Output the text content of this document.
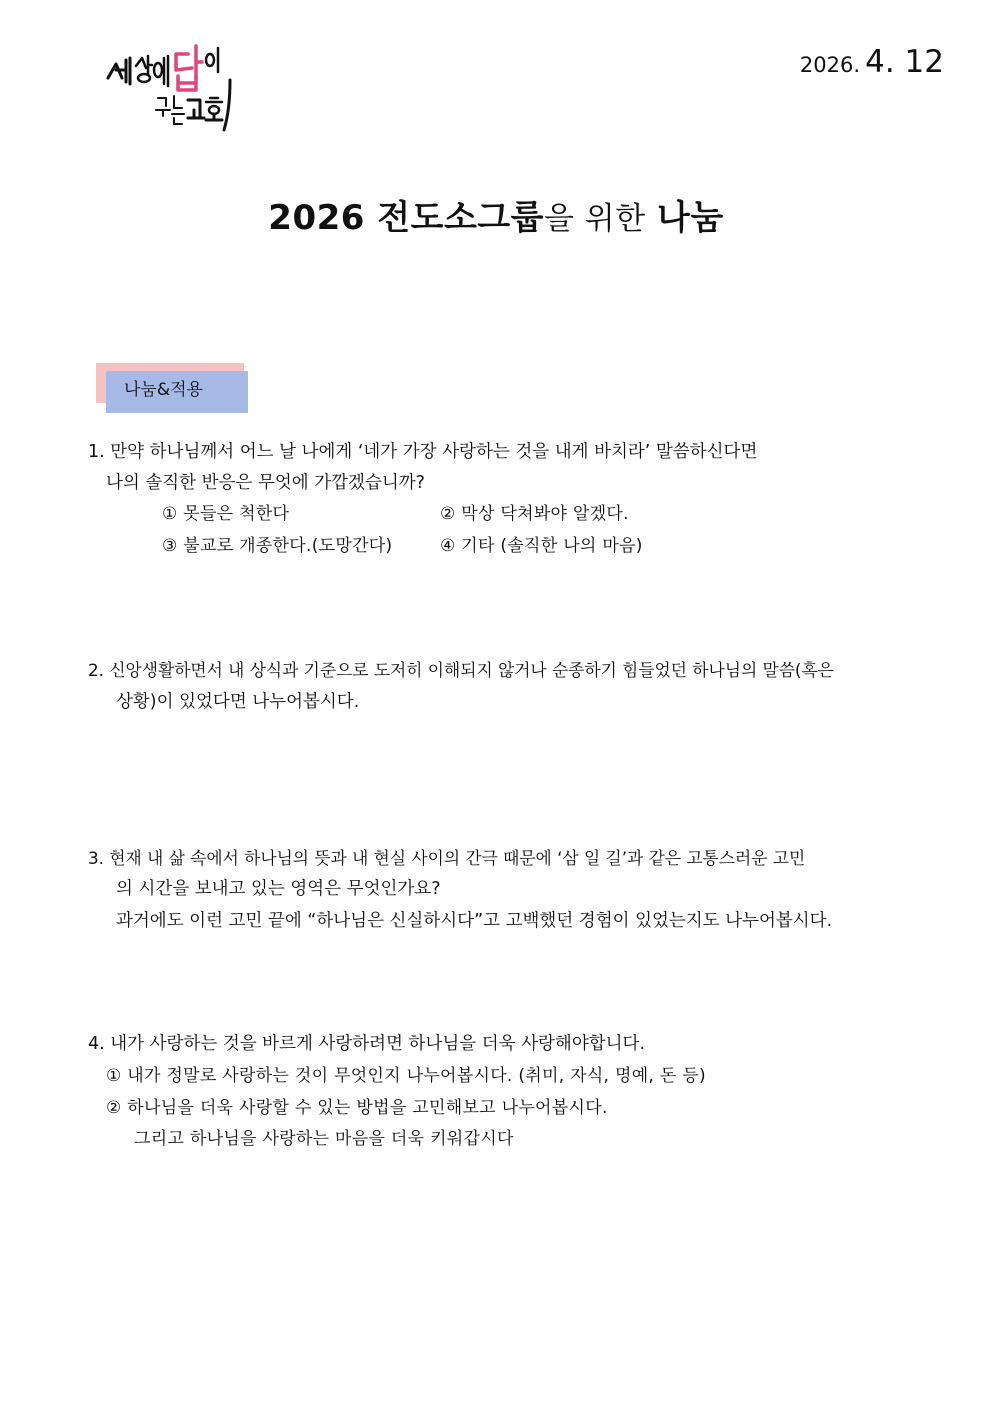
2026. 4. 12
2026 전도소그룹을 위한 나눔
나눔&적용
1. 만약 하나님께서 어느 날 나에게 ‘네가 가장 사랑하는 것을 내게 바치라’ 말씀하신다면
나의 솔직한 반응은 무엇에 가깝겠습니까?
① 못들은 척한다	② 막상 닥쳐봐야 알겠다.
③ 불교로 개종한다.(도망간다)	④ 기타 (솔직한 나의 마음)
2. 신앙생활하면서 내 상식과 기준으로 도저히 이해되지 않거나 순종하기 힘들었던 하나님의 말씀(혹은
상황)이 있었다면 나누어봅시다.
3. 현재 내 삶 속에서 하나님의 뜻과 내 현실 사이의 간극 때문에 ‘삼 일 길’과 같은 고통스러운 고민
의 시간을 보내고 있는 영역은 무엇인가요?
과거에도 이런 고민 끝에 “하나님은 신실하시다”고 고백했던 경험이 있었는지도 나누어봅시다.
4. 내가 사랑하는 것을 바르게 사랑하려면 하나님을 더욱 사랑해야합니다.
① 내가 정말로 사랑하는 것이 무엇인지 나누어봅시다. (취미, 자식, 명예, 돈 등)
② 하나님을 더욱 사랑할 수 있는 방법을 고민해보고 나누어봅시다.
그리고 하나님을 사랑하는 마음을 더욱 키워갑시다
